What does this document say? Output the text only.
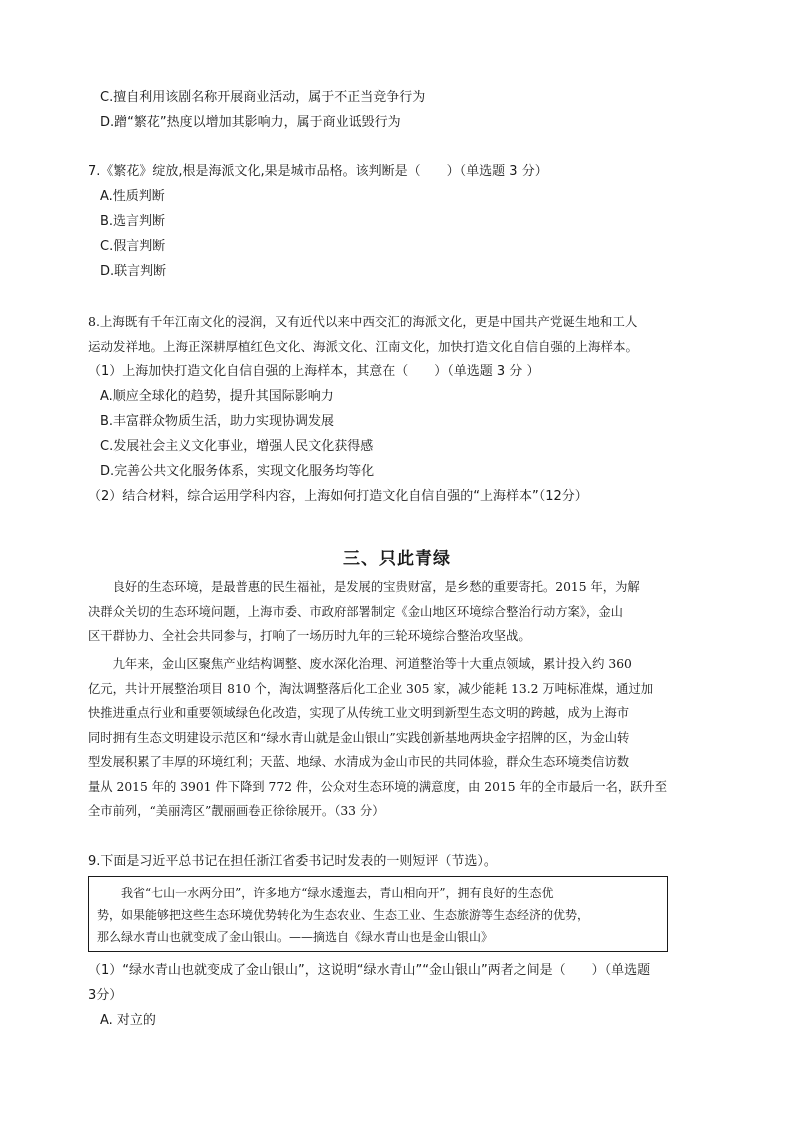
C.擅自利用该剧名称开展商业活动，属于不正当竞争行为
D.蹭“繁花”热度以增加其影响力，属于商业诋毁行为
7.《繁花》绽放,根是海派文化,果是城市品格。该判断是（　　）（单选题 3 分）
A.性质判断
B.选言判断
C.假言判断
D.联言判断
8.上海既有千年江南文化的浸润，又有近代以来中西交汇的海派文化，更是中国共产党诞生地和工人
运动发祥地。上海正深耕厚植红色文化、海派文化、江南文化，加快打造文化自信自强的上海样本。
（1）上海加快打造文化自信自强的上海样本，其意在（　　）（单选题 3 分 ）
A.顺应全球化的趋势，提升其国际影响力
B.丰富群众物质生活，助力实现协调发展
C.发展社会主义文化事业，增强人民文化获得感
D.完善公共文化服务体系，实现文化服务均等化
（2）结合材料，综合运用学科内容，上海如何打造文化自信自强的“上海样本”（12分）
三、只此青绿
　　良好的生态环境，是最普惠的民生福祉，是发展的宝贵财富，是乡愁的重要寄托。2015 年，为解
决群众关切的生态环境问题，上海市委、市政府部署制定《金山地区环境综合整治行动方案》，金山
区干群协力、全社会共同参与，打响了一场历时九年的三轮环境综合整治攻坚战。
　　九年来，金山区聚焦产业结构调整、废水深化治理、河道整治等十大重点领域，累计投入约 360
亿元，共计开展整治项目 810 个，淘汰调整落后化工企业 305 家，减少能耗 13.2 万吨标准煤，通过加
快推进重点行业和重要领域绿色化改造，实现了从传统工业文明到新型生态文明的跨越，成为上海市
同时拥有生态文明建设示范区和“绿水青山就是金山银山”实践创新基地两块金字招牌的区，为金山转
型发展积累了丰厚的环境红利；天蓝、地绿、水清成为金山市民的共同体验，群众生态环境类信访数
量从 2015 年的 3901 件下降到 772 件，公众对生态环境的满意度，由 2015 年的全市最后一名，跃升至
全市前列，“美丽湾区”靓丽画卷正徐徐展开。（33 分）
9.下面是习近平总书记在担任浙江省委书记时发表的一则短评（节选）。
　　我省“七山一水两分田”，许多地方“绿水逶迤去，青山相向开”，拥有良好的生态优
势，如果能够把这些生态环境优势转化为生态农业、生态工业、生态旅游等生态经济的优势，
那么绿水青山也就变成了金山银山。——摘选自《绿水青山也是金山银山》
（1）“绿水青山也就变成了金山银山”，这说明“绿水青山”“金山银山”两者之间是（　　）（单选题
3分）
A. 对立的
